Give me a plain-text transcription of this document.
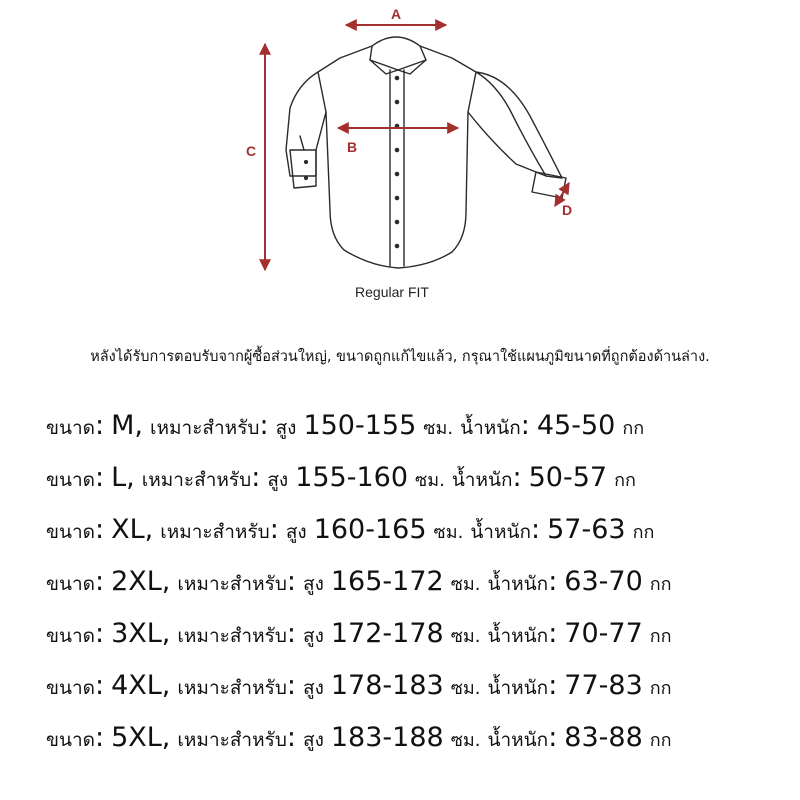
A
B
C
D
Regular FIT
หลังได้รับการตอบรับจากผู้ซื้อส่วนใหญ่, ขนาดถูกแก้ไขแล้ว, กรุณาใช้แผนภูมิขนาดที่ถูกต้องด้านล่าง.
ขนาด : M, เหมาะสำหรับ : สูง 150-155 ซม. น้ำหนัก : 45-50 กก
ขนาด : L, เหมาะสำหรับ : สูง 155-160 ซม. น้ำหนัก : 50-57 กก
ขนาด : XL, เหมาะสำหรับ : สูง 160-165 ซม. น้ำหนัก : 57-63 กก
ขนาด : 2XL, เหมาะสำหรับ : สูง 165-172 ซม. น้ำหนัก : 63-70 กก
ขนาด : 3XL, เหมาะสำหรับ : สูง 172-178 ซม. น้ำหนัก : 70-77 กก
ขนาด : 4XL, เหมาะสำหรับ : สูง 178-183 ซม. น้ำหนัก : 77-83 กก
ขนาด : 5XL, เหมาะสำหรับ : สูง 183-188 ซม. น้ำหนัก : 83-88 กก
